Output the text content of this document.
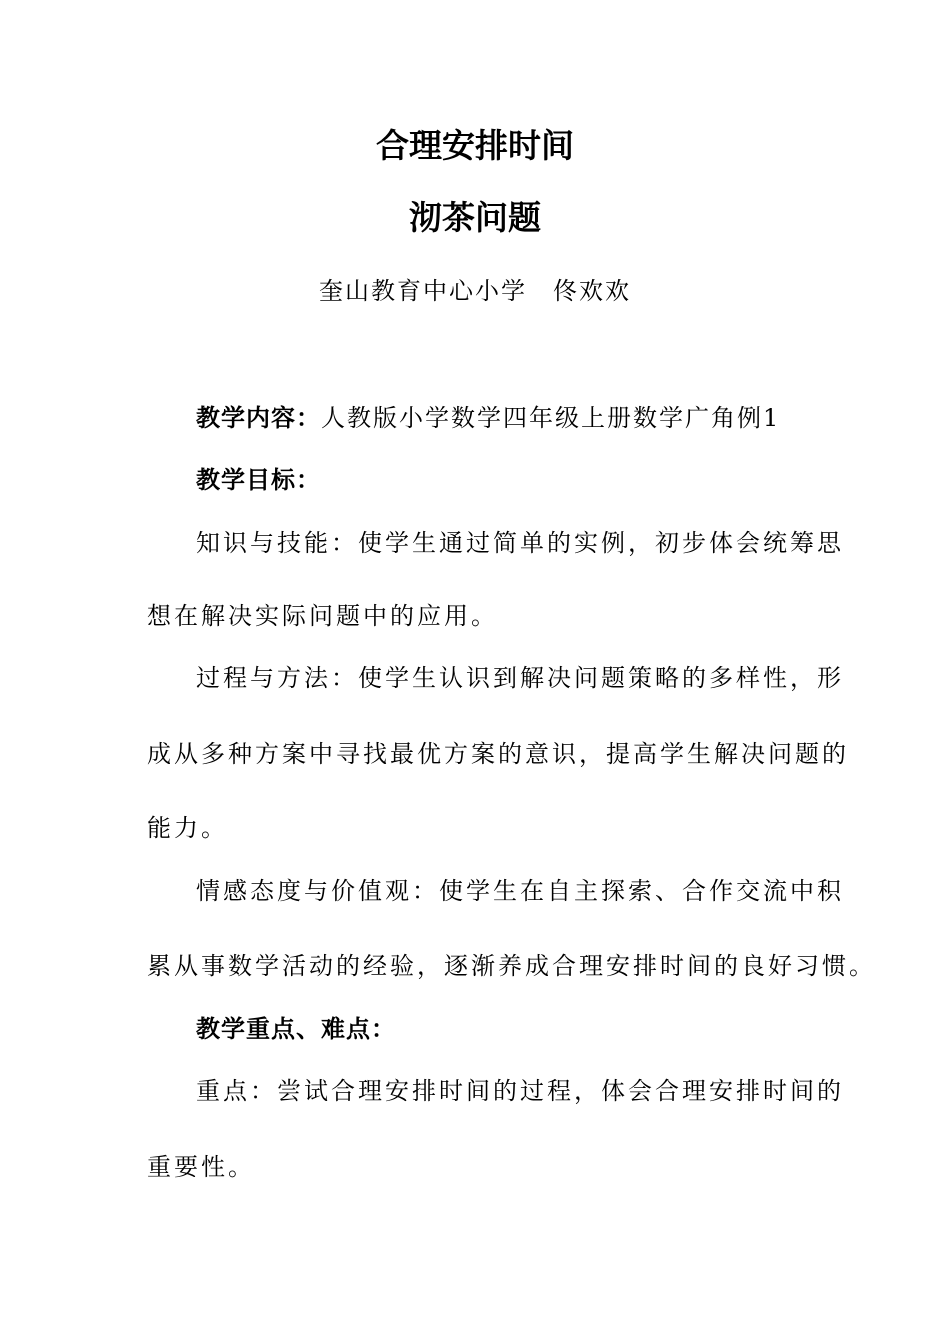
合理安排时间
沏茶问题
奎山教育中心小学　佟欢欢
教学内容：人教版小学数学四年级上册数学广角例1
教学目标：
知识与技能：使学生通过简单的实例，初步体会统筹思
想在解决实际问题中的应用。
过程与方法：使学生认识到解决问题策略的多样性，形
成从多种方案中寻找最优方案的意识，提高学生解决问题的
能力。
情感态度与价值观：使学生在自主探索、合作交流中积
累从事数学活动的经验，逐渐养成合理安排时间的良好习惯。
教学重点、难点：
重点：尝试合理安排时间的过程，体会合理安排时间的
重要性。
